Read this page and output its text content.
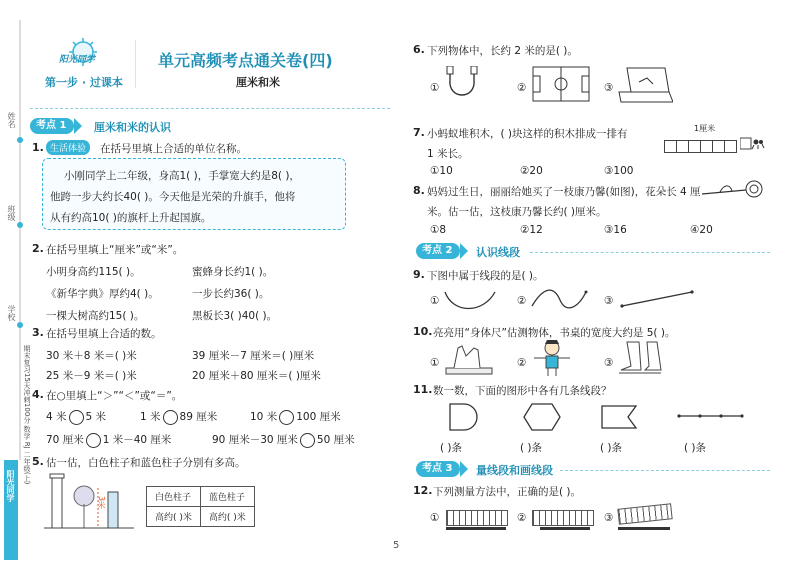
姓名
班级
学校
阳光同学
期末复习15天冲刺100分 数学 RJ 二年级(上)
阳光同学
第一步 · 过课本
单元高频考点通关卷(四)
厘米和米
考点 1	厘米和米的认识
1. 生活体验	在括号里填上合适的单位名称。
小刚同学上二年级，身高1( )，手掌宽大约是8( )，
他跨一步大约长40( )。今天他是光荣的升旗手，他将
从有约高10( )的旗杆上升起国旗。
2. 在括号里填上“厘米”或“米”。
小明身高约115( )。	蜜蜂身长约1( )。
《新华字典》厚约4( )。	一步长约36( )。
一棵大树高约15( )。	黑板长3( )40( )。
3. 在括号里填上合适的数。
30 米＋8 米＝( )米	39 厘米－7 厘米＝( )厘米
25 米－9 米＝( )米	20 厘米＋80 厘米＝( )厘米
4. 在○里填上“＞”“＜”或“＝”。
4 米 5 米	1 米 89 厘米	10 米 100 厘米
70 厘米 1 米－40 厘米	90 厘米－30 厘米 50 厘米
5. 估一估，白色柱子和蓝色柱子分别有多高。
3米	白色柱子	蓝色柱子
高约( )米	高约( )米
6. 下列物体中，长约 2 米的是( )。
①	②	③
7. 小蚂蚁堆积木，( )块这样的积木排成一排有
1 米长。
1厘米
①10	②20	③100
8. 妈妈过生日，丽丽给她买了一枝康乃馨(如图)，花朵长 4 厘
米。估一估，这枝康乃馨长约( )厘米。
①8	②12	③16	④20
考点 2	认识线段
9. 下图中属于线段的是( )。
①	②	③
10. 亮亮用“身体尺”估测物体，书桌的宽度大约是 5( )。
①	②	③
11. 数一数，下面的图形中各有几条线段？
( )条	( )条	( )条	( )条
考点 3	量线段和画线段
12. 下列测量方法中，正确的是( )。
①	②	③
5
